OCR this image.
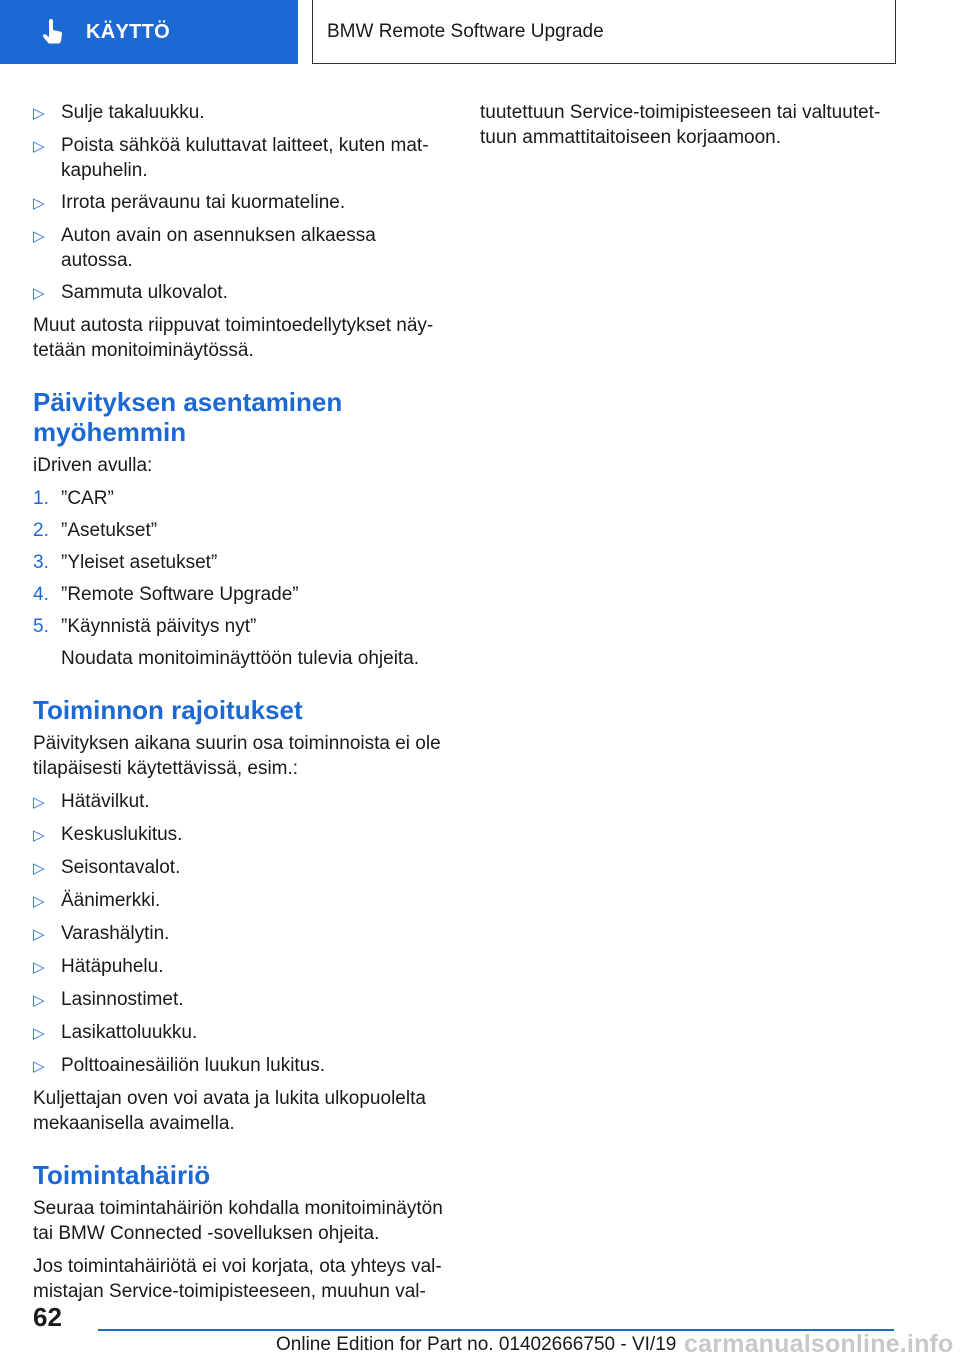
KÄYTTÖ	BMW Remote Software Upgrade
▷ Sulje takaluukku.
▷ Poista sähköä kuluttavat laitteet, kuten mat-kapuhelin.
▷ Irrota perävaunu tai kuormateline.
▷ Auton avain on asennuksen alkaessa autossa.
▷ Sammuta ulkovalot.

Muut autosta riippuvat toimintoedellytykset näy-tetään monitoiminäytössä.

Päivityksen asentaminen myöhemmin

iDriven avulla:

1. ”CAR”
2. ”Asetukset”
3. ”Yleiset asetukset”
4. ”Remote Software Upgrade”
5. ”Käynnistä päivitys nyt”

Noudata monitoiminäyttöön tulevia ohjeita.

Toiminnon rajoitukset

Päivityksen aikana suurin osa toiminnoista ei ole tilapäisesti käytettävissä, esim.:

▷ Hätävilkut.
▷ Keskuslukitus.
▷ Seisontavalot.
▷ Äänimerkki.
▷ Varashälytin.
▷ Hätäpuhelu.
▷ Lasinnostimet.
▷ Lasikattoluukku.
▷ Polttoainesäiliön luukun lukitus.

Kuljettajan oven voi avata ja lukita ulkopuolelta mekaanisella avaimella.

Toimintahäiriö

Seuraa toimintahäiriön kohdalla monitoiminäytön tai BMW Connected -sovelluksen ohjeita.

Jos toimintahäiriötä ei voi korjata, ota yhteys val-mistajan Service-toimipisteeseen, muuhun val-

tuutettuun Service-toimipisteeseen tai valtuutet-tuun ammattitaitoiseen korjaamoon.

62
Online Edition for Part no. 01402666750 - VI/19 carmanualsonline.info
